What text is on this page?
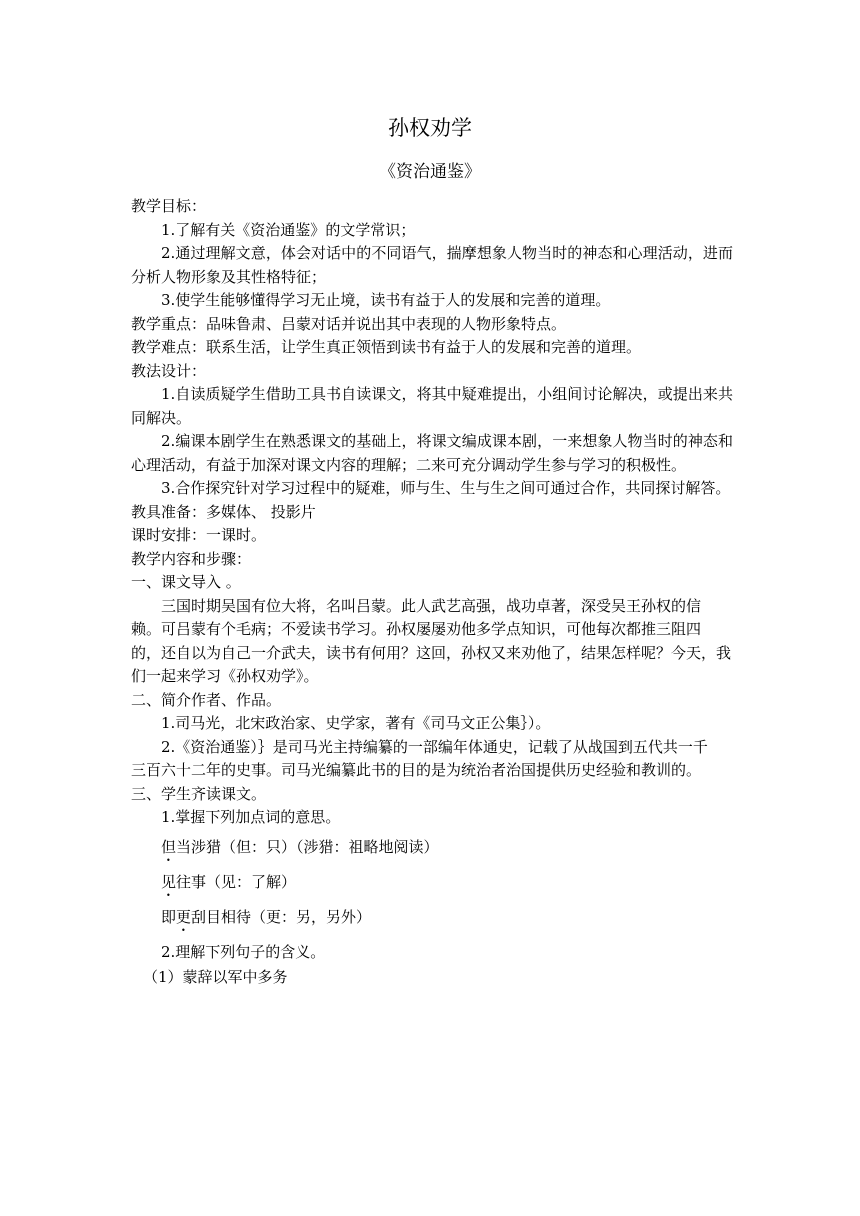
孙权劝学
《资治通鉴》

教学目标：

1.了解有关《资治通鉴》的文学常识；

2.通过理解文意，体会对话中的不同语气，揣摩想象人物当时的神态和心理活动，进而分析人物形象及其性格特征；

3.使学生能够懂得学习无止境，读书有益于人的发展和完善的道理。

教学重点：品味鲁肃、吕蒙对话并说出其中表现的人物形象特点。

教学难点：联系生活，让学生真正领悟到读书有益于人的发展和完善的道理。

教法设计：

1.自读质疑学生借助工具书自读课文，将其中疑难提出，小组间讨论解决，或提出来共同解决。

2.编课本剧学生在熟悉课文的基础上，将课文编成课本剧，一来想象人物当时的神态和心理活动，有益于加深对课文内容的理解；二来可充分调动学生参与学习的积极性。

3.合作探究针对学习过程中的疑难，师与生、生与生之间可通过合作，共同探讨解答。

教具准备：多媒体、 投影片

课时安排：一课时。

教学内容和步骤：

一、课文导入 。

三国时期吴国有位大将，名叫吕蒙。此人武艺高强，战功卓著，深受吴王孙权的信

赖。可吕蒙有个毛病；不爱读书学习。孙权屡屡劝他多学点知识，可他每次都推三阻四

的，还自以为自己一介武夫，读书有何用？这回，孙权又来劝他了，结果怎样呢？今天，我

们一起来学习《孙权劝学》。

二、简介作者、作品。

1.司马光，北宋政治家、史学家，著有《司马文正公集｝）。

2.《资治通鉴）｝是司马光主持编纂的一部编年体通史，记载了从战国到五代共一千

三百六十二年的史事。司马光编纂此书的目的是为统治者治国提供历史经验和教训的。

三、学生齐读课文。

1.掌握下列加点词的意思。

但当涉猎（但：只）（涉猎：祖略地阅读）

见往事（见：了解）

即更刮目相待（更：另，另外）

2.理解下列句子的含义。

（1）蒙辞以军中多务
